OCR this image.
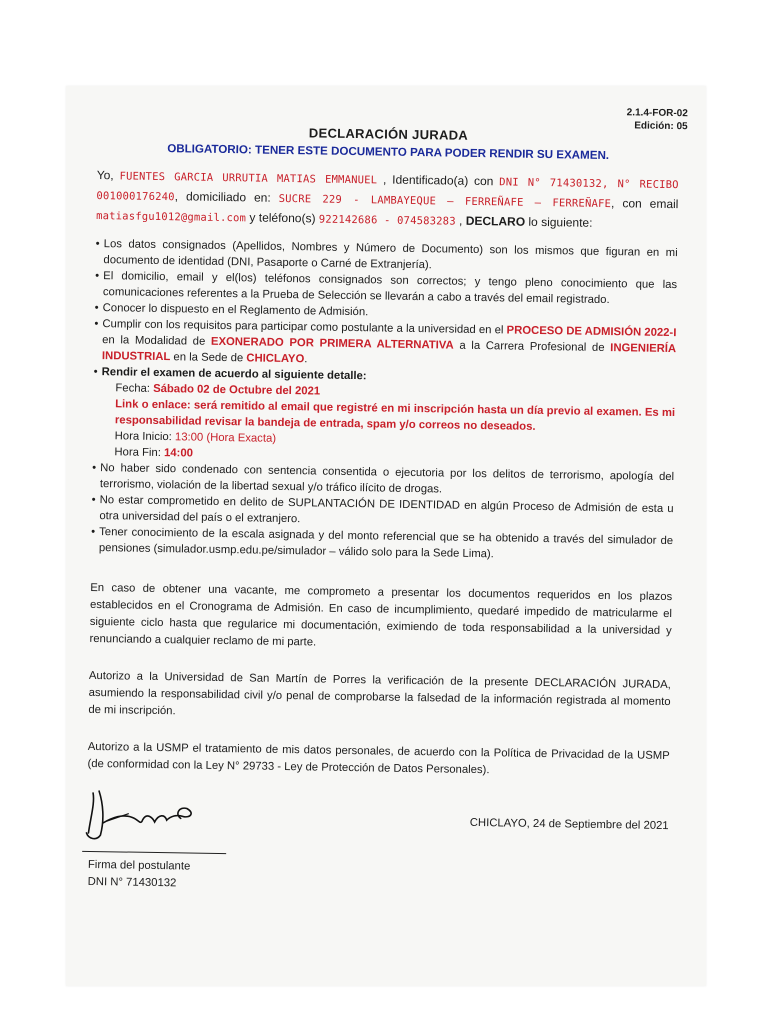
2.1.4-FOR-02
Edición: 05
DECLARACIÓN JURADA
OBLIGATORIO: TENER ESTE DOCUMENTO PARA PODER RENDIR SU EXAMEN.
Yo, FUENTES GARCIA URRUTIA MATIAS EMMANUEL , Identificado(a) con DNI N° 71430132, N° RECIBO 001000176240, domiciliado en: SUCRE 229 - LAMBAYEQUE – FERREÑAFE – FERREÑAFE, con email matiasfgu1012@gmail.com y teléfono(s) 922142686 - 074583283 , DECLARO lo siguiente:
• Los datos consignados (Apellidos, Nombres y Número de Documento) son los mismos que figuran en mi documento de identidad (DNI, Pasaporte o Carné de Extranjería).
• El domicilio, email y el(los) teléfonos consignados son correctos; y tengo pleno conocimiento que las comunicaciones referentes a la Prueba de Selección se llevarán a cabo a través del email registrado.
• Conocer lo dispuesto en el Reglamento de Admisión.
• Cumplir con los requisitos para participar como postulante a la universidad en el PROCESO DE ADMISIÓN 2022-I en la Modalidad de EXONERADO POR PRIMERA ALTERNATIVA a la Carrera Profesional de INGENIERÍA INDUSTRIAL en la Sede de CHICLAYO.
• Rendir el examen de acuerdo al siguiente detalle:
Fecha: Sábado 02 de Octubre del 2021
Link o enlace: será remitido al email que registré en mi inscripción hasta un día previo al examen. Es mi responsabilidad revisar la bandeja de entrada, spam y/o correos no deseados.
Hora Inicio: 13:00 (Hora Exacta)
Hora Fin: 14:00
• No haber sido condenado con sentencia consentida o ejecutoria por los delitos de terrorismo, apología del terrorismo, violación de la libertad sexual y/o tráfico ilícito de drogas.
• No estar comprometido en delito de SUPLANTACIÓN DE IDENTIDAD en algún Proceso de Admisión de esta u otra universidad del país o el extranjero.
• Tener conocimiento de la escala asignada y del monto referencial que se ha obtenido a través del simulador de pensiones (simulador.usmp.edu.pe/simulador – válido solo para la Sede Lima).
En caso de obtener una vacante, me comprometo a presentar los documentos requeridos en los plazos establecidos en el Cronograma de Admisión. En caso de incumplimiento, quedaré impedido de matricularme el siguiente ciclo hasta que regularice mi documentación, eximiendo de toda responsabilidad a la universidad y renunciando a cualquier reclamo de mi parte.
Autorizo a la Universidad de San Martín de Porres la verificación de la presente DECLARACIÓN JURADA, asumiendo la responsabilidad civil y/o penal de comprobarse la falsedad de la información registrada al momento de mi inscripción.
Autorizo a la USMP el tratamiento de mis datos personales, de acuerdo con la Política de Privacidad de la USMP (de conformidad con la Ley N° 29733 - Ley de Protección de Datos Personales).
CHICLAYO, 24 de Septiembre del 2021
Firma del postulante
DNI N° 71430132
